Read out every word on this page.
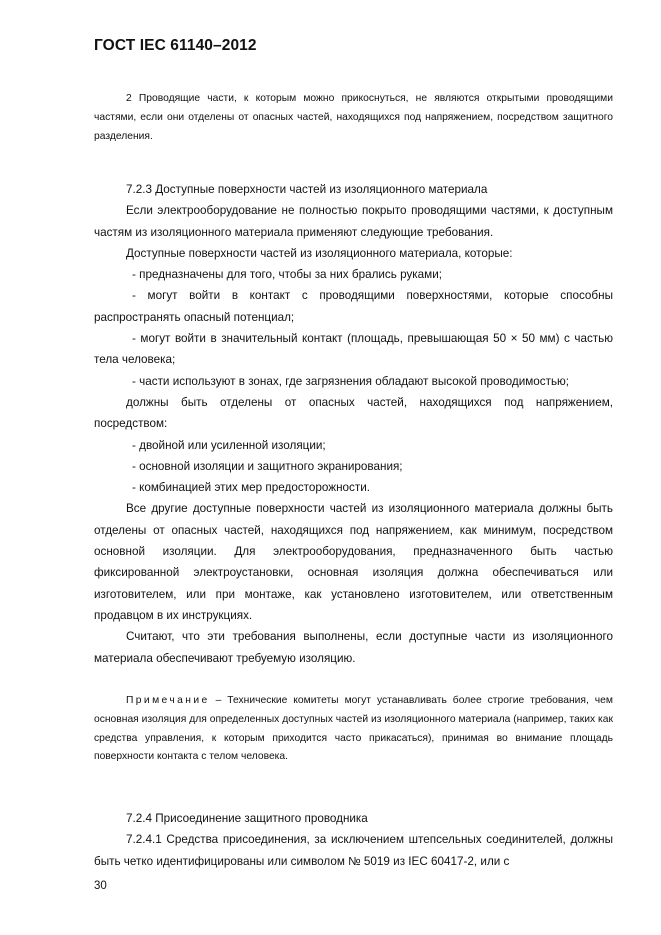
ГОСТ IEC 61140–2012

2 Проводящие части, к которым можно прикоснуться, не являются открытыми проводящими частями, если они отделены от опасных частей, находящихся под напряжением, посредством защитного разделения.

7.2.3 Доступные поверхности частей из изоляционного материала

Если электрооборудование не полностью покрыто проводящими частями, к доступным частям из изоляционного материала применяют следующие требования.

Доступные поверхности частей из изоляционного материала, которые:

- предназначены для того, чтобы за них брались руками;

- могут войти в контакт с проводящими поверхностями, которые способны распространять опасный потенциал;

- могут войти в значительный контакт (площадь, превышающая 50 × 50 мм) с частью тела человека;

- части используют в зонах, где загрязнения обладают высокой проводимостью;

должны быть отделены от опасных частей, находящихся под напряжением, посредством:

- двойной или усиленной изоляции;

- основной изоляции и защитного экранирования;

- комбинацией этих мер предосторожности.

Все другие доступные поверхности частей из изоляционного материала должны быть отделены от опасных частей, находящихся под напряжением, как минимум, посредством основной изоляции. Для электрооборудования, предназначенного быть частью фиксированной электроустановки, основная изоляция должна обеспечиваться или изготовителем, или при монтаже, как установлено изготовителем, или ответственным продавцом в их инструкциях.

Считают, что эти требования выполнены, если доступные части из изоляционного материала обеспечивают требуемую изоляцию.

Примечание – Технические комитеты могут устанавливать более строгие требования, чем основная изоляция для определенных доступных частей из изоляционного материала (например, таких как средства управления, к которым приходится часто прикасаться), принимая во внимание площадь поверхности контакта с телом человека.

7.2.4 Присоединение защитного проводника

7.2.4.1 Средства присоединения, за исключением штепсельных соединителей, должны быть четко идентифицированы или символом № 5019 из IEC 60417-2, или с

30
